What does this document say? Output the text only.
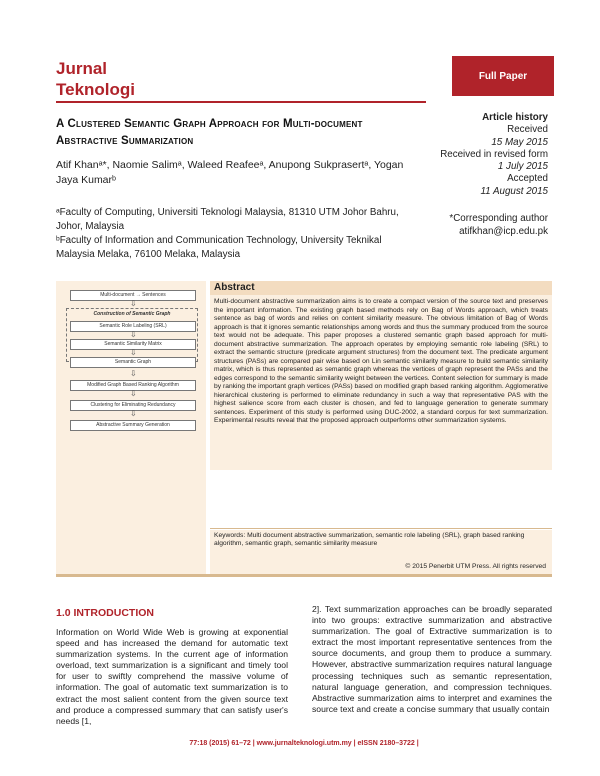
Jurnal
Teknologi
Full Paper
A Clustered Semantic Graph Approach for Multi-document Abstractive Summarization
Atif Khanᵃ*, Naomie Salimᵃ, Waleed Reafeeᵃ, Anupong Sukprasertᵃ, Yogan Jaya Kumarᵇ
ᵃFaculty of Computing, Universiti Teknologi Malaysia, 81310 UTM Johor Bahru, Johor, Malaysia
ᵇFaculty of Information and Communication Technology, University Teknikal Malaysia Melaka, 76100 Melaka, Malaysia
Article history
Received
15 May 2015
Received in revised form
1 July 2015
Accepted
11 August 2015
*Corresponding author
atifkhan@icp.edu.pk
Multi-document → Sentences
⇩
Construction of Semantic Graph
Semantic Role Labeling (SRL)
⇩
Semantic Similarity Matrix
⇩
Semantic Graph
⇩
Modified Graph Based Ranking Algorithm
⇩
Clustering for Eliminating Redundancy
⇩
Abstractive Summary Generation
Abstract
Multi-document abstractive summarization aims is to create a compact version of the source text and preserves the important information. The existing graph based methods rely on Bag of Words approach, which treats sentence as bag of words and relies on content similarity measure. The obvious limitation of Bag of Words approach is that it ignores semantic relationships among words and thus the summary produced from the source text would not be adequate. This paper proposes a clustered semantic graph based approach for multi-document abstractive summarization. The approach operates by employing semantic role labeling (SRL) to extract the semantic structure (predicate argument structures) from the document text. The predicate argument structures (PASs) are compared pair wise based on Lin semantic similarity measure to build semantic similarity matrix, which is thus represented as semantic graph whereas the vertices of graph represent the PASs and the edges correspond to the semantic similarity weight between the vertices. Content selection for summary is made by ranking the important graph vertices (PASs) based on modified graph based ranking algorithm. Agglomerative hierarchical clustering is performed to eliminate redundancy in such a way that representative PAS with the highest salience score from each cluster is chosen, and fed to language generation to generate summary sentences. Experiment of this study is performed using DUC-2002, a standard corpus for text summarization. Experimental results reveal that the proposed approach outperforms other summarization systems.
Keywords: Multi document abstractive summarization, semantic role labeling (SRL), graph based ranking algorithm, semantic graph, semantic similarity measure
© 2015 Penerbit UTM Press. All rights reserved
1.0 INTRODUCTION
Information on World Wide Web is growing at exponential speed and has increased the demand for automatic text summarization systems. In the current age of information overload, text summarization is a significant and timely tool for user to swiftly comprehend the massive volume of information. The goal of automatic text summarization is to extract the most salient content from the given source text and produce a compressed summary that can satisfy user's needs [1,
2]. Text summarization approaches can be broadly separated into two groups: extractive summarization and abstractive summarization. The goal of Extractive summarization is to extract the most important representative sentences from the source documents, and group them to produce a summary. However, abstractive summarization requires natural language processing techniques such as semantic representation, natural language generation, and compression techniques. Abstractive summarization aims to interpret and examines the source text and create a concise summary that usually contain
77:18 (2015) 61–72 | www.jurnalteknologi.utm.my | eISSN 2180–3722 |
